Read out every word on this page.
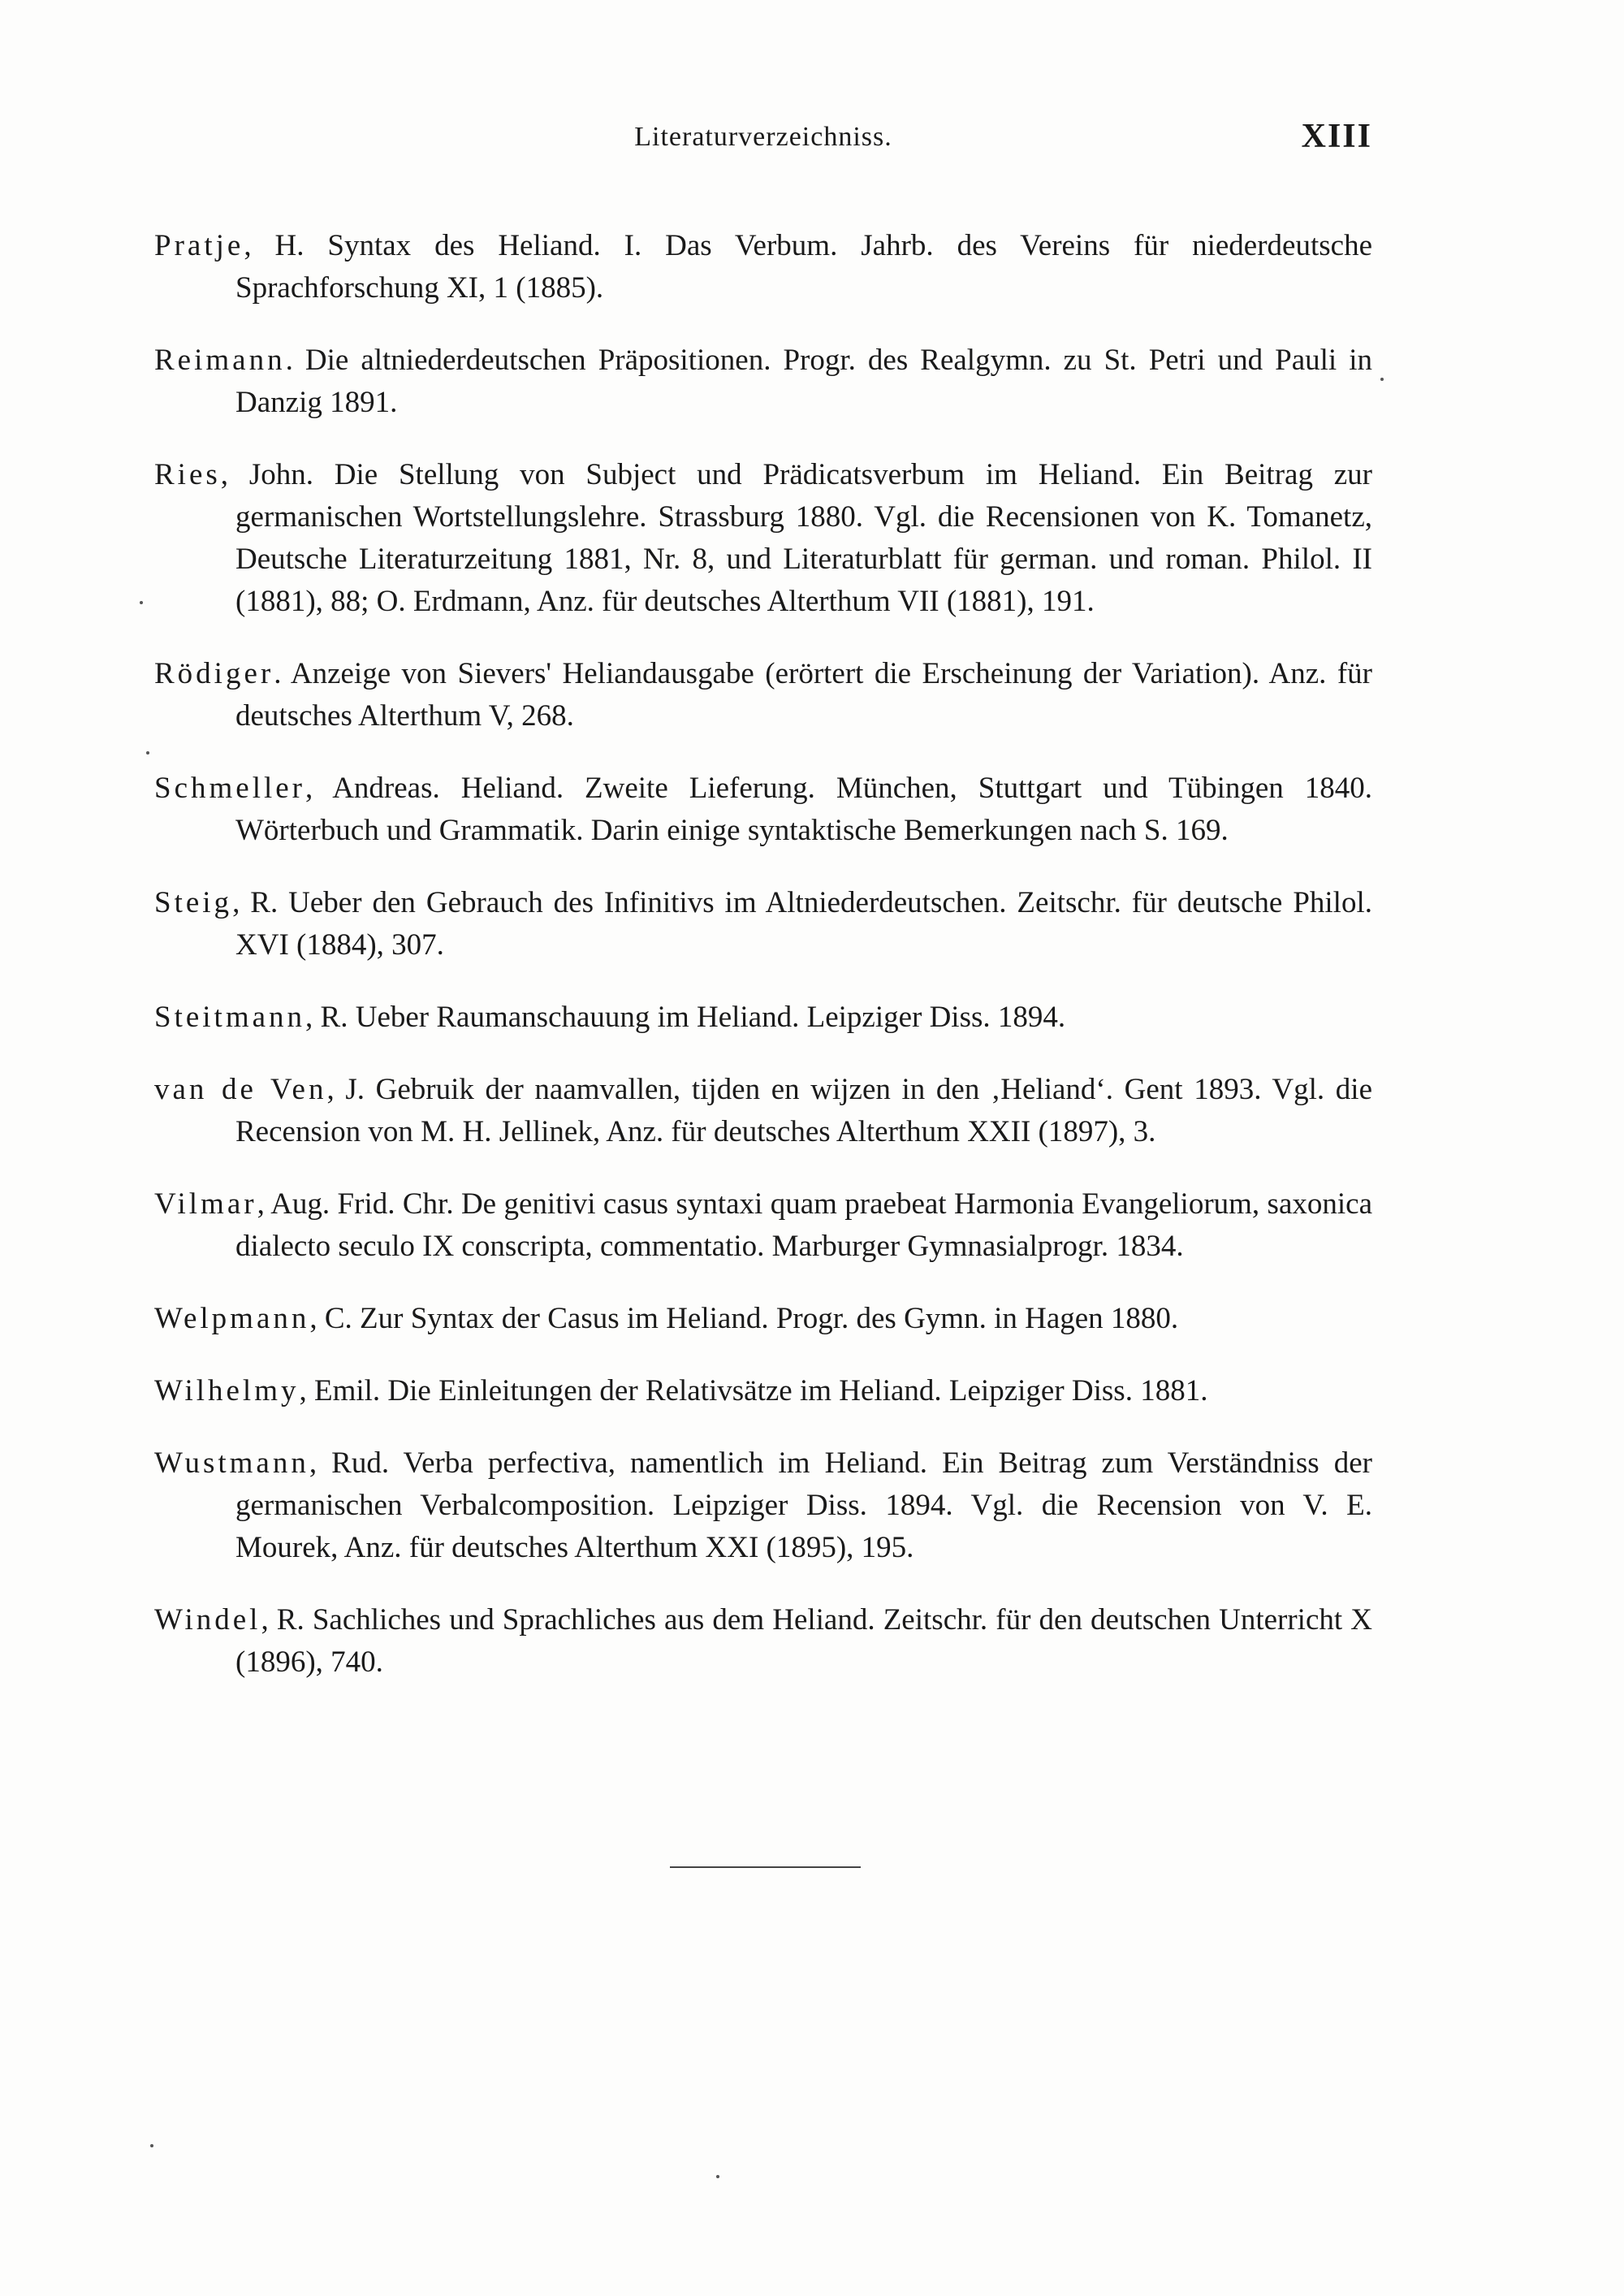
Literaturverzeichniss.	XIII

Pratje, H. Syntax des Heliand. I. Das Verbum. Jahrb. des Vereins für niederdeutsche Sprachforschung XI, 1 (1885).

Reimann. Die altniederdeutschen Präpositionen. Progr. des Realgymn. zu St. Petri und Pauli in Danzig 1891.

Ries, John. Die Stellung von Subject und Prädicatsverbum im Heliand. Ein Beitrag zur germanischen Wortstellungslehre. Strassburg 1880. Vgl. die Recensionen von K. Tomanetz, Deutsche Literaturzeitung 1881, Nr. 8, und Literaturblatt für german. und roman. Philol. II (1881), 88; O. Erdmann, Anz. für deutsches Alterthum VII (1881), 191.

Rödiger. Anzeige von Sievers' Heliandausgabe (erörtert die Erscheinung der Variation). Anz. für deutsches Alterthum V, 268.

Schmeller, Andreas. Heliand. Zweite Lieferung. München, Stuttgart und Tübingen 1840. Wörterbuch und Grammatik. Darin einige syntaktische Bemerkungen nach S. 169.

Steig, R. Ueber den Gebrauch des Infinitivs im Altniederdeutschen. Zeitschr. für deutsche Philol. XVI (1884), 307.

Steitmann, R. Ueber Raumanschauung im Heliand. Leipziger Diss. 1894.

van de Ven, J. Gebruik der naamvallen, tijden en wijzen in den ‚Heliand‘. Gent 1893. Vgl. die Recension von M. H. Jellinek, Anz. für deutsches Alterthum XXII (1897), 3.

Vilmar, Aug. Frid. Chr. De genitivi casus syntaxi quam praebeat Harmonia Evangeliorum, saxonica dialecto seculo IX conscripta, commentatio. Marburger Gymnasialprogr. 1834.

Welpmann, C. Zur Syntax der Casus im Heliand. Progr. des Gymn. in Hagen 1880.

Wilhelmy, Emil. Die Einleitungen der Relativsätze im Heliand. Leipziger Diss. 1881.

Wustmann, Rud. Verba perfectiva, namentlich im Heliand. Ein Beitrag zum Verständniss der germanischen Verbalcomposition. Leipziger Diss. 1894. Vgl. die Recension von V. E. Mourek, Anz. für deutsches Alterthum XXI (1895), 195.

Windel, R. Sachliches und Sprachliches aus dem Heliand. Zeitschr. für den deutschen Unterricht X (1896), 740.
